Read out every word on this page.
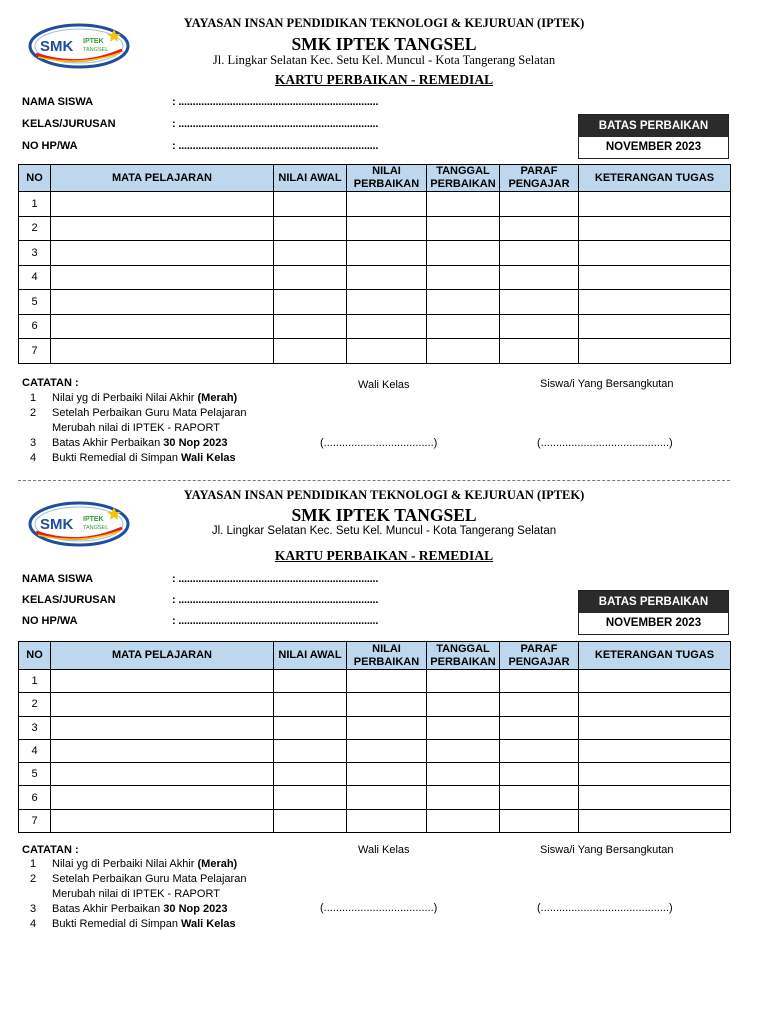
SMK IPTEK
TANGSEL
YAYASAN INSAN PENDIDIKAN TEKNOLOGI & KEJURUAN (IPTEK)
SMK IPTEK TANGSEL
Jl. Lingkar Selatan Kec. Setu Kel. Muncul - Kota Tangerang Selatan
KARTU PERBAIKAN - REMEDIAL
NAMA SISWA	: ......................................................................
KELAS/JURUSAN	: ......................................................................
NO HP/WA	: ......................................................................
BATAS PERBAIKAN
NOVEMBER 2023
NO	MATA PELAJARAN	NILAI AWAL	NILAI PERBAIKAN	TANGGAL PERBAIKAN	PARAF PENGAJAR	KETERANGAN TUGAS
1						
2						
3						
4						
5						
6						
7						
CATATAN :
1	Nilai yg di Perbaiki Nilai Akhir (Merah)
2	Setelah Perbaikan Guru Mata Pelajaran
Merubah nilai di IPTEK - RAPORT
3	Batas Akhir Perbaikan 30 Nop 2023
4	Bukti Remedial di Simpan Wali Kelas
Wali Kelas	Siswa/i Yang Bersangkutan
(....................................)	(..........................................)
SMK IPTEK
TANGSEL
YAYASAN INSAN PENDIDIKAN TEKNOLOGI & KEJURUAN (IPTEK)
SMK IPTEK TANGSEL
Jl. Lingkar Selatan Kec. Setu Kel. Muncul - Kota Tangerang Selatan
KARTU PERBAIKAN - REMEDIAL
NAMA SISWA	: ......................................................................
KELAS/JURUSAN	: ......................................................................
NO HP/WA	: ......................................................................
BATAS PERBAIKAN
NOVEMBER 2023
NO	MATA PELAJARAN	NILAI AWAL	NILAI PERBAIKAN	TANGGAL PERBAIKAN	PARAF PENGAJAR	KETERANGAN TUGAS
1						
2						
3						
4						
5						
6						
7						
CATATAN :
1	Nilai yg di Perbaiki Nilai Akhir (Merah)
2	Setelah Perbaikan Guru Mata Pelajaran
Merubah nilai di IPTEK - RAPORT
3	Batas Akhir Perbaikan 30 Nop 2023
4	Bukti Remedial di Simpan Wali Kelas
Wali Kelas	Siswa/i Yang Bersangkutan
(....................................)	(..........................................)
